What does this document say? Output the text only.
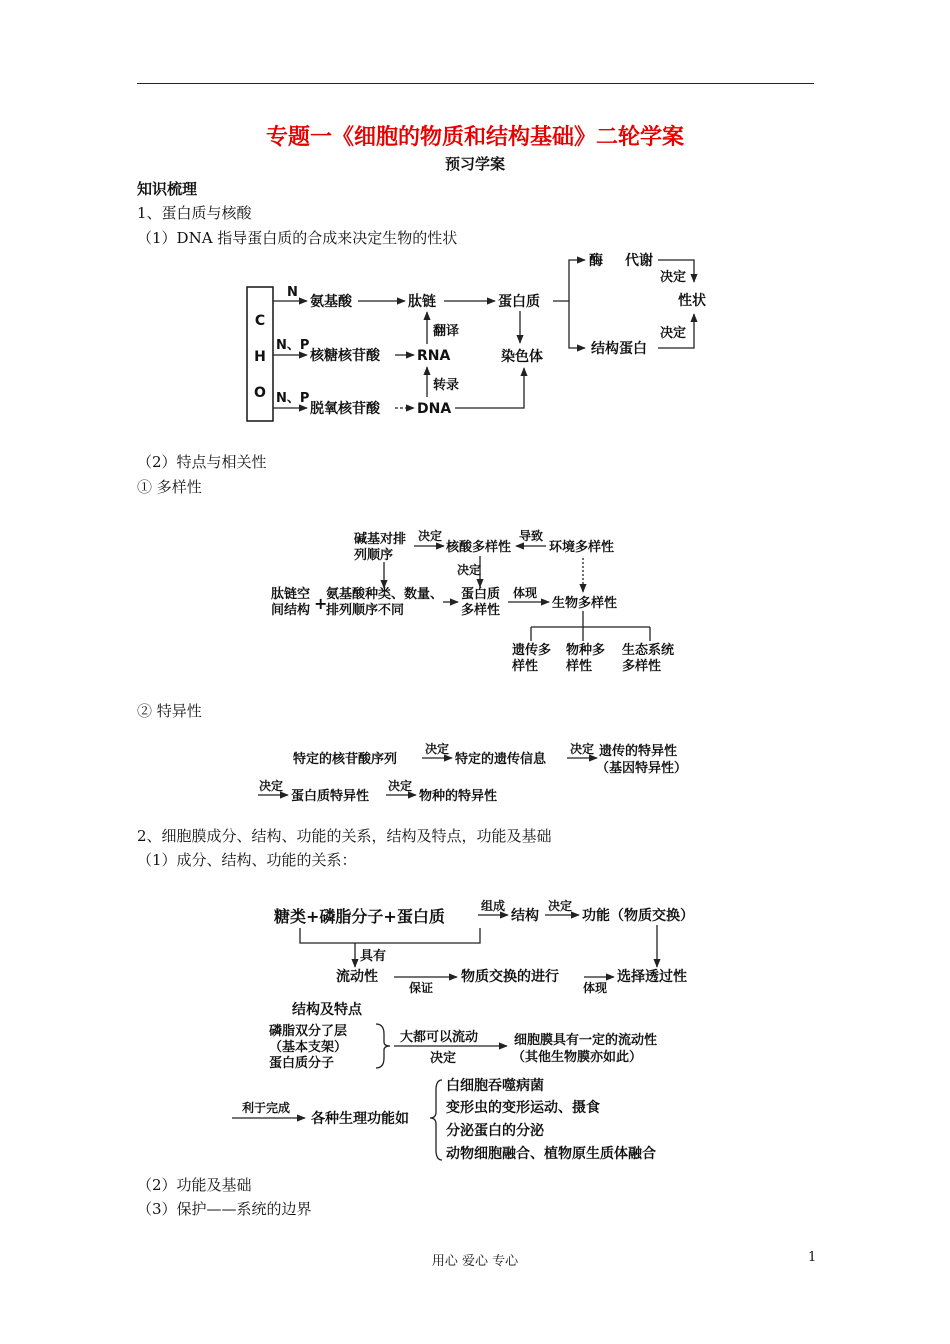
专题一《细胞的物质和结构基础》二轮学案
预习学案
知识梳理
1、蛋白质与核酸
（1）DNA 指导蛋白质的合成来决定生物的性状
C
H
O
N
N、P
N、P
氨基酸	肽链	蛋白质
核糖核苷酸	RNA
翻译
脱氧核苷酸	DNA
转录
染色体
酶 代谢
决定
性状
结构蛋白
决定
（2）特点与相关性
① 多样性
碱基对排
列顺序
决定
核酸多样性
导致
环境多样性
决定
肽链空
间结构 +
氨基酸种类、数量、
排列顺序不同
蛋白质
多样性
体现
生物多样性
遗传多
样性
物种多
样性
生态系统
多样性
② 特异性
特定的核苷酸序列
决定
特定的遗传信息
决定 遗传的特异性
（基因特异性）
决定
蛋白质特异性
决定
物种的特异性
2、细胞膜成分、结构、功能的关系，结构及特点，功能及基础
（1）成分、结构、功能的关系：
糖类+磷脂分子+蛋白质
组成
结构
决定
功能（物质交换）
具有
流动性
保证
物质交换的进行
体现
选择透过性
结构及特点
磷脂双分了层
（基本支架）
蛋白质分子
大都可以流动
决定
细胞膜具有一定的流动性
（其他生物膜亦如此）
利于完成
各种生理功能如
白细胞吞噬病菌
变形虫的变形运动、摄食
分泌蛋白的分泌
动物细胞融合、植物原生质体融合
（2）功能及基础
（3）保护——系统的边界
用心 爱心 专心	1
